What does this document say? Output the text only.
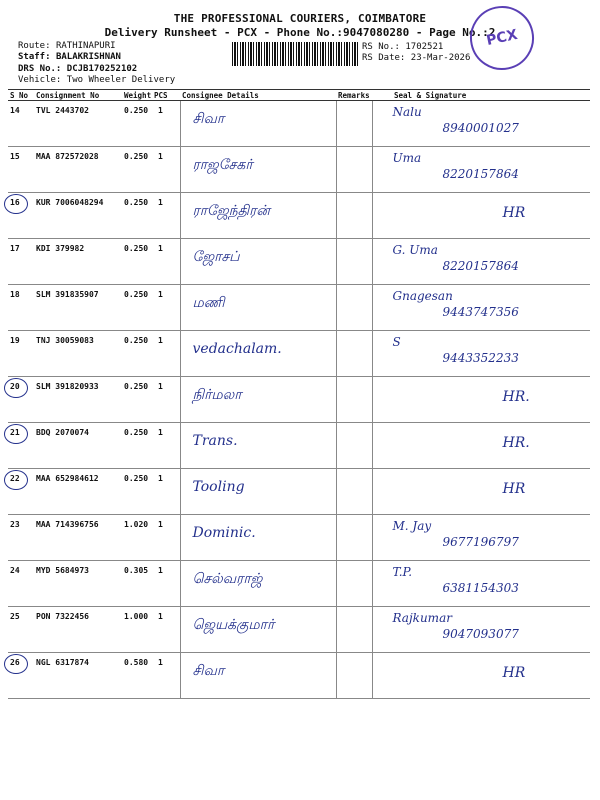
THE PROFESSIONAL COURIERS, COIMBATORE
Delivery Runsheet - PCX - Phone No.:9047080280 - Page No.:2
Route: RATHINAPURI
Staff: BALAKRISHNAN
DRS No.: DCJB170252102
Vehicle: Two Wheeler Delivery
RS No.: 1702521
RS Date: 23-Mar-2026
PCX
S No	Consignment No	Weight	PCS	Consignee Details	Remarks	Seal & Signature
14	TVL 2443702	0.250	1	சிவா		Nalu
8940001027

15	MAA 872572028	0.250	1	ராஜசேகர்		Uma
8220157864

16	KUR 7006048294	0.250	1	ராஜேந்திரன்		HR

17	KDI 379982	0.250	1	ஜோசப்		G. Uma
8220157864

18	SLM 391835907	0.250	1	மணி		Gnagesan
9443747356

19	TNJ 30059083	0.250	1	vedachalam.		S
9443352233

20	SLM 391820933	0.250	1	நிர்மலா		HR.

21	BDQ 2070074	0.250	1	Trans.		HR.

22	MAA 652984612	0.250	1	Tooling		HR

23	MAA 714396756	1.020	1	Dominic.		M. Jay
9677196797

24	MYD 5684973	0.305	1	செல்வராஜ்		T.P.
6381154303

25	PON 7322456	1.000	1	ஜெயக்குமார்		Rajkumar
9047093077

26	NGL 6317874	0.580	1	சிவா		HR
